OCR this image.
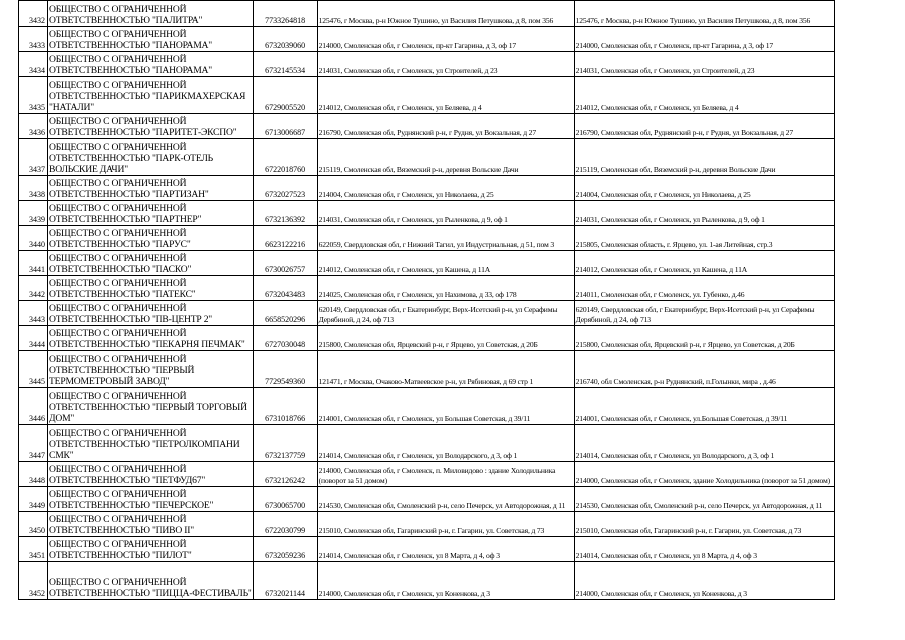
3432	ОБЩЕСТВО С ОГРАНИЧЕННОЙ
ОТВЕТСТВЕННОСТЬЮ "ПАЛИТРА"	7733264818	125476, г Москва, р-н Южное Тушино, ул Василия Петушкова, д 8, пом 356	125476, г Москва, р-н Южное Тушино, ул Василия Петушкова, д 8, пом 356
3433	ОБЩЕСТВО С ОГРАНИЧЕННОЙ
ОТВЕТСТВЕННОСТЬЮ "ПАНОРАМА"	6732039060	214000, Смоленская обл, г Смоленск, пр-кт Гагарина, д 3, оф 17	214000, Смоленская обл, г Смоленск, пр-кт Гагарина, д 3, оф 17
3434	ОБЩЕСТВО С ОГРАНИЧЕННОЙ
ОТВЕТСТВЕННОСТЬЮ "ПАНОРАМА"	6732145534	214031, Смоленская обл, г Смоленск, ул Строителей, д 23	214031, Смоленская обл, г Смоленск, ул Строителей, д 23
3435	ОБЩЕСТВО С ОГРАНИЧЕННОЙ
ОТВЕТСТВЕННОСТЬЮ "ПАРИКМАХЕРСКАЯ
"НАТАЛИ"	6729005520	214012, Смоленская обл, г Смоленск, ул Беляева, д 4	214012, Смоленская обл, г Смоленск, ул Беляева, д 4
3436	ОБЩЕСТВО С ОГРАНИЧЕННОЙ
ОТВЕТСТВЕННОСТЬЮ "ПАРИТЕТ-ЭКСПО"	6713006687	216790, Смоленская обл, Руднянский р-н, г Рудня, ул Вокзальная, д 27	216790, Смоленская обл, Руднянский р-н, г Рудня, ул Вокзальная, д 27
3437	ОБЩЕСТВО С ОГРАНИЧЕННОЙ
ОТВЕТСТВЕННОСТЬЮ "ПАРК-ОТЕЛЬ
ВОЛЬСКИЕ ДАЧИ"	6722018760	215119, Смоленская обл, Вяземский р-н, деревня Вольские Дачи	215119, Смоленская обл, Вяземский р-н, деревня Вольские Дачи
3438	ОБЩЕСТВО С ОГРАНИЧЕННОЙ
ОТВЕТСТВЕННОСТЬЮ "ПАРТИЗАН"	6732027523	214004, Смоленская обл, г Смоленск, ул Николаева, д 25	214004, Смоленская обл, г Смоленск, ул Николаева, д 25
3439	ОБЩЕСТВО С ОГРАНИЧЕННОЙ
ОТВЕТСТВЕННОСТЬЮ "ПАРТНЕР"	6732136392	214031, Смоленская обл, г Смоленск, ул Рыленкова, д 9, оф 1	214031, Смоленская обл, г Смоленск, ул Рыленкова, д 9, оф 1
3440	ОБЩЕСТВО С ОГРАНИЧЕННОЙ
ОТВЕТСТВЕННОСТЬЮ "ПАРУС"	6623122216	622059, Свердловская обл, г Нижний Тагил, ул Индустриальная, д 51, пом 3	215805, Смоленская область, г. Ярцево, ул. 1-ая Литейная, стр.3
3441	ОБЩЕСТВО С ОГРАНИЧЕННОЙ
ОТВЕТСТВЕННОСТЬЮ "ПАСКО"	6730026757	214012, Смоленская обл, г Смоленск, ул Кашена, д 11А	214012, Смоленская обл, г Смоленск, ул Кашена, д 11А
3442	ОБЩЕСТВО С ОГРАНИЧЕННОЙ
ОТВЕТСТВЕННОСТЬЮ "ПАТЕКС"	6732043483	214025, Смоленская обл, г Смоленск, ул Нахимова, д 33, оф 178	214011, Смоленская обл, г Смоленск, ул. Губенко, д.46
3443	ОБЩЕСТВО С ОГРАНИЧЕННОЙ
ОТВЕТСТВЕННОСТЬЮ "ПВ-ЦЕНТР 2"	6658520296	620149, Свердловская обл, г Екатеринбург, Верх-Исетский р-н, ул Серафимы Дерябиной, д 24, оф 713	620149, Свердловская обл, г Екатеринбург, Верх-Исетский р-н, ул Серафимы Дерябиной, д 24, оф 713
3444	ОБЩЕСТВО С ОГРАНИЧЕННОЙ
ОТВЕТСТВЕННОСТЬЮ "ПЕКАРНЯ ПЕЧМАК"	6727030048	215800, Смоленская обл, Ярцевский р-н, г Ярцево, ул Советская, д 20Б	215800, Смоленская обл, Ярцевский р-н, г Ярцево, ул Советская, д 20Б
3445	ОБЩЕСТВО С ОГРАНИЧЕННОЙ
ОТВЕТСТВЕННОСТЬЮ "ПЕРВЫЙ
ТЕРМОМЕТРОВЫЙ ЗАВОД"	7729549360	121471, г Москва, Очаково-Матвеевское р-н, ул Рябиновая, д 69 стр 1	216740, обл Смоленская, р-н Руднянский, п.Голынки, мира , д.46
3446	ОБЩЕСТВО С ОГРАНИЧЕННОЙ
ОТВЕТСТВЕННОСТЬЮ "ПЕРВЫЙ ТОРГОВЫЙ
ДОМ"	6731018766	214001, Смоленская обл, г Смоленск, ул Большая Советская, д 39/11	214001, Смоленская обл, г Смоленск, ул.Большая Советская, д 39/11
3447	ОБЩЕСТВО С ОГРАНИЧЕННОЙ
ОТВЕТСТВЕННОСТЬЮ "ПЕТРОЛКОМПАНИ
СМК"	6732137759	214014, Смоленская обл, г Смоленск, ул Володарского, д 3, оф 1	214014, Смоленская обл, г Смоленск, ул Володарского, д 3, оф 1
3448	ОБЩЕСТВО С ОГРАНИЧЕННОЙ
ОТВЕТСТВЕННОСТЬЮ "ПЕТФУД67"	6732126242	214000, Смоленская обл, г Смоленск, п. Миловидово : здание Холодильника (поворот за 51 домом)	214000, Смоленская обл, г Смоленск, здание Холодильника (поворот за 51 домом)
3449	ОБЩЕСТВО С ОГРАНИЧЕННОЙ
ОТВЕТСТВЕННОСТЬЮ "ПЕЧЕРСКОЕ"	6730065700	214530, Смоленская обл, Смоленский р-н, село Печерск, ул Автодорожная, д 11	214530, Смоленская обл, Смоленский р-н, село Печерск, ул Автодорожная, д 11
3450	ОБЩЕСТВО С ОГРАНИЧЕННОЙ
ОТВЕТСТВЕННОСТЬЮ "ПИВО II"	6722030799	215010, Смоленская обл, Гагаринский р-н, г. Гагарин, ул. Советская, д 73	215010, Смоленская обл, Гагаринский р-н, г. Гагарин, ул. Советская, д 73
3451	ОБЩЕСТВО С ОГРАНИЧЕННОЙ
ОТВЕТСТВЕННОСТЬЮ "ПИЛОТ"	6732059236	214014, Смоленская обл, г Смоленск, ул 8 Марта, д 4, оф 3	214014, Смоленская обл, г Смоленск, ул 8 Марта, д 4, оф 3
3452	ОБЩЕСТВО С ОГРАНИЧЕННОЙ
ОТВЕТСТВЕННОСТЬЮ "ПИЦЦА-ФЕСТИВАЛЬ"	6732021144	214000, Смоленская обл, г Смоленск, ул Коненкова, д 3	214000, Смоленская обл, г Смоленск, ул Коненкова, д 3
